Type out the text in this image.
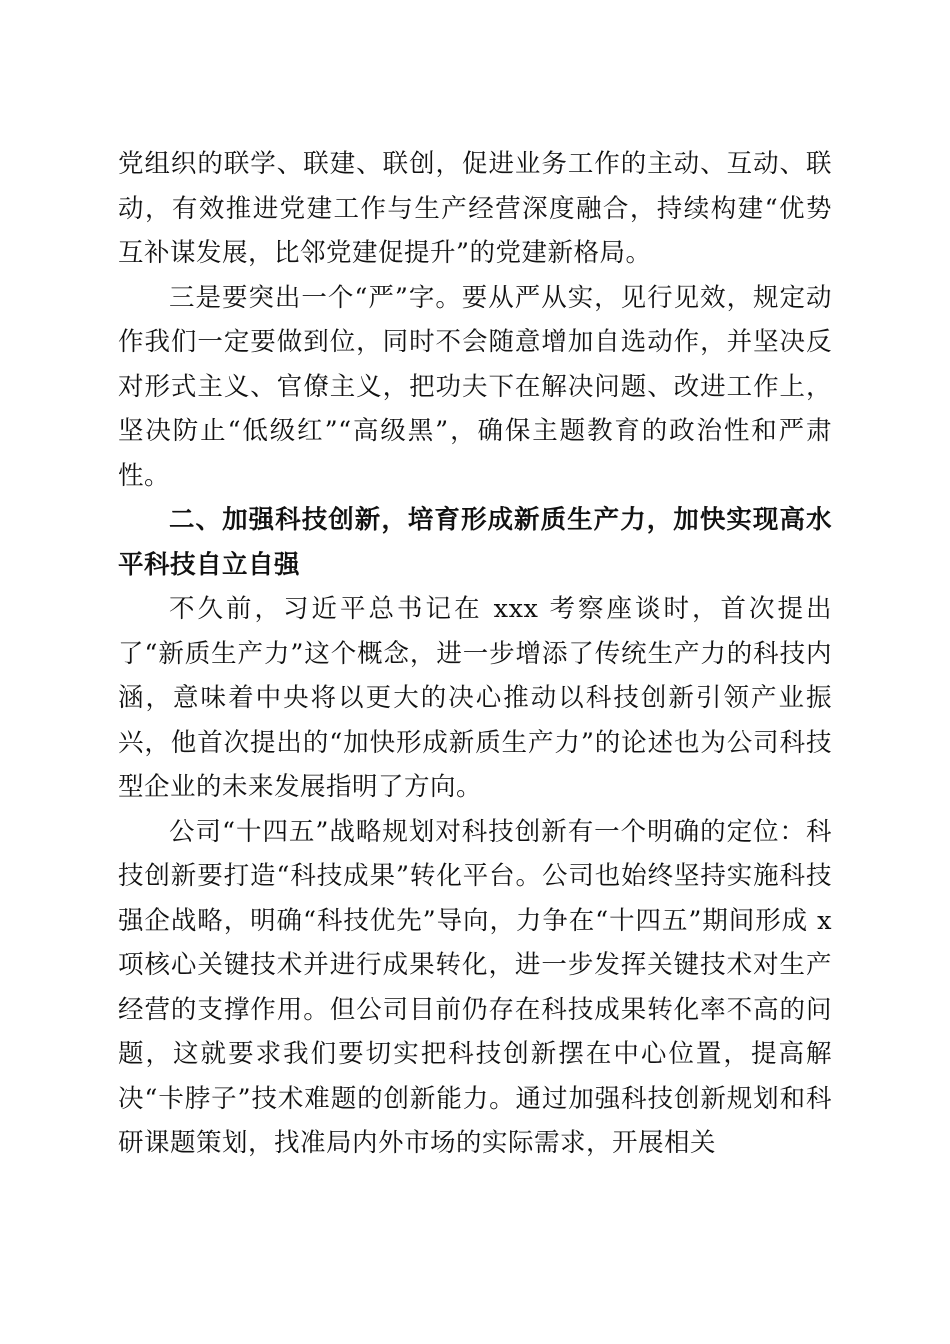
党组织的联学、联建、联创，促进业务工作的主动、互动、联动，有效推进党建工作与生产经营深度融合，持续构建“优势互补谋发展，比邻党建促提升”的党建新格局。

三是要突出一个“严”字。要从严从实，见行见效，规定动作我们一定要做到位，同时不会随意增加自选动作，并坚决反对形式主义、官僚主义，把功夫下在解决问题、改进工作上，坚决防止“低级红”“高级黑”，确保主题教育的政治性和严肃性。

二、加强科技创新，培育形成新质生产力，加快实现高水平科技自立自强

不久前，习近平总书记在 xxx 考察座谈时，首次提出了“新质生产力”这个概念，进一步增添了传统生产力的科技内涵，意味着中央将以更大的决心推动以科技创新引领产业振兴，他首次提出的“加快形成新质生产力”的论述也为公司科技型企业的未来发展指明了方向。

公司“十四五”战略规划对科技创新有一个明确的定位：科技创新要打造“科技成果”转化平台。公司也始终坚持实施科技强企战略，明确“科技优先”导向，力争在“十四五”期间形成 x 项核心关键技术并进行成果转化，进一步发挥关键技术对生产经营的支撑作用。但公司目前仍存在科技成果转化率不高的问题，这就要求我们要切实把科技创新摆在中心位置，提高解决“卡脖子”技术难题的创新能力。通过加强科技创新规划和科研课题策划，找准局内外市场的实际需求，开展相关
